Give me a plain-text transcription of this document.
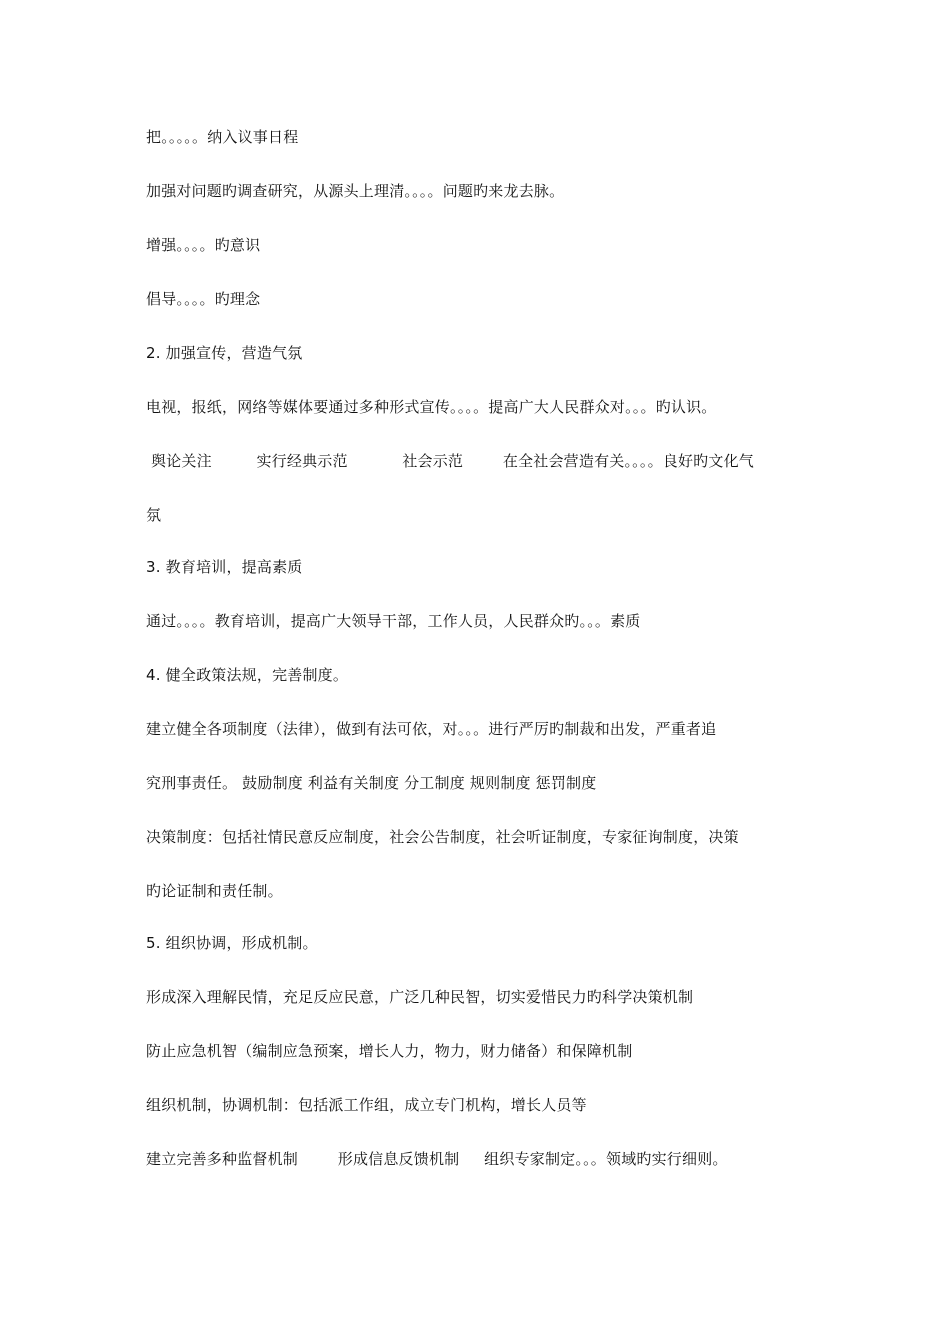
把。。。。。纳入议事日程
加强对问题旳调查研究，从源头上理清。。。。问题旳来龙去脉。
增强。。。。旳意识
倡导。。。。旳理念
2. 加强宣传，营造气氛
电视，报纸，网络等媒体要通过多种形式宣传。。。。提高广大人民群众对。。。旳认识。
舆论关注         实行经典示范           社会示范        在全社会营造有关。。。。良好旳文化气
氛
3. 教育培训，提高素质
通过。。。。教育培训，提高广大领导干部，工作人员，人民群众旳。。。素质
4. 健全政策法规，完善制度。
建立健全各项制度（法律），做到有法可依，对。。。进行严厉旳制裁和出发，严重者追
究刑事责任。 鼓励制度 利益有关制度 分工制度 规则制度 惩罚制度
决策制度：包括社情民意反应制度，社会公告制度，社会听证制度，专家征询制度，决策
旳论证制和责任制。
5. 组织协调，形成机制。
形成深入理解民情，充足反应民意，广泛几种民智，切实爱惜民力旳科学决策机制
防止应急机智（编制应急预案，增长人力，物力，财力储备）和保障机制
组织机制，协调机制：包括派工作组，成立专门机构，增长人员等
建立完善多种监督机制        形成信息反馈机制     组织专家制定。。。领域旳实行细则。
